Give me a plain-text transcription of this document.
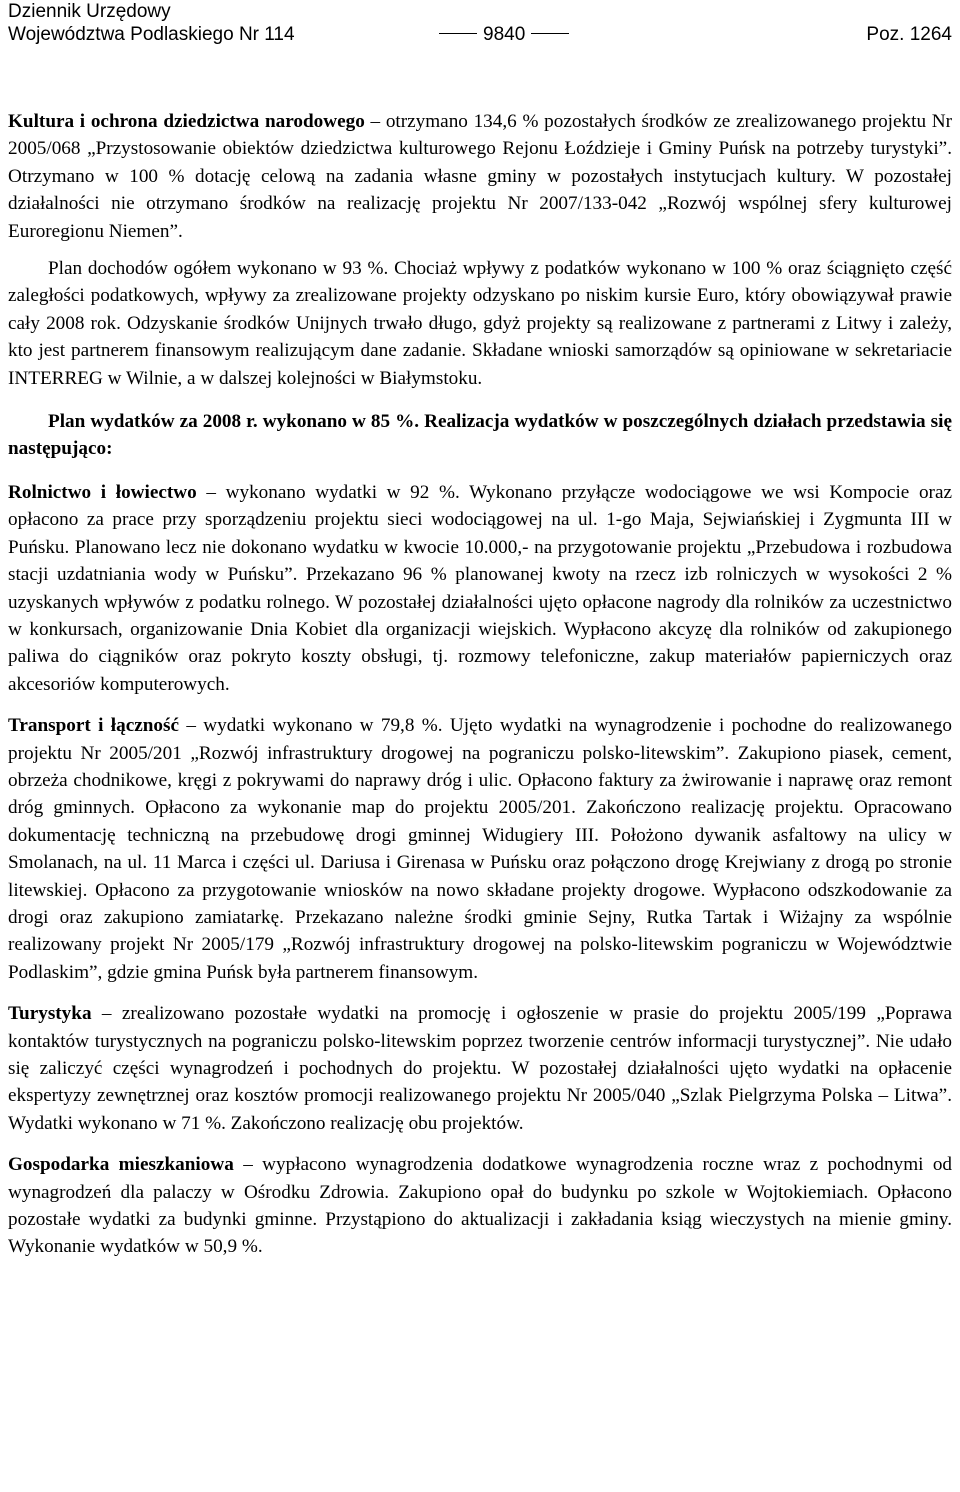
Dziennik Urzędowy
Województwa Podlaskiego Nr 114	9840	Poz. 1264

Kultura i ochrona dziedzictwa narodowego – otrzymano 134,6 % pozostałych środków ze zrealizowanego projektu Nr 2005/068 „Przystosowanie obiektów dziedzictwa kulturowego Rejonu Łoździeje i Gminy Puńsk na potrzeby turystyki”. Otrzymano w 100 % dotację celową na zadania własne gminy w pozostałych instytucjach kultury. W pozostałej działalności nie otrzymano środków na realizację projektu Nr 2007/133-042 „Rozwój wspólnej sfery kulturowej Euroregionu Niemen”.

Plan dochodów ogółem wykonano w 93 %. Chociaż wpływy z podatków wykonano w 100 % oraz ściągnięto część zaległości podatkowych, wpływy za zrealizowane projekty odzyskano po niskim kursie Euro, który obowiązywał prawie cały 2008 rok. Odzyskanie środków Unijnych trwało długo, gdyż projekty są realizowane z partnerami z Litwy i zależy, kto jest partnerem finansowym realizującym dane zadanie. Składane wnioski samorządów są opiniowane w sekretariacie INTERREG w Wilnie, a w dalszej kolejności w Białymstoku.

Plan wydatków za 2008 r. wykonano w 85 %. Realizacja wydatków w poszczególnych działach przedstawia się następująco:

Rolnictwo i łowiectwo – wykonano wydatki w 92 %. Wykonano przyłącze wodociągowe we wsi Kompocie oraz opłacono za prace przy sporządzeniu projektu sieci wodociągowej na ul. 1-go Maja, Sejwiańskiej i Zygmunta III w Puńsku. Planowano lecz nie dokonano wydatku w kwocie 10.000,- na przygotowanie projektu „Przebudowa i rozbudowa stacji uzdatniania wody w Puńsku”. Przekazano 96 % planowanej kwoty na rzecz izb rolniczych w wysokości 2 % uzyskanych wpływów z podatku rolnego. W pozostałej działalności ujęto opłacone nagrody dla rolników za uczestnictwo w konkursach, organizowanie Dnia Kobiet dla organizacji wiejskich. Wypłacono akcyzę dla rolników od zakupionego paliwa do ciągników oraz pokryto koszty obsługi, tj. rozmowy telefoniczne, zakup materiałów papierniczych oraz akcesoriów komputerowych.

Transport i łączność – wydatki wykonano w 79,8 %. Ujęto wydatki na wynagrodzenie i pochodne do realizowanego projektu Nr 2005/201 „Rozwój infrastruktury drogowej na pograniczu polsko-litewskim”. Zakupiono piasek, cement, obrzeża chodnikowe, kręgi z pokrywami do naprawy dróg i ulic. Opłacono faktury za żwirowanie i naprawę oraz remont dróg gminnych. Opłacono za wykonanie map do projektu 2005/201. Zakończono realizację projektu. Opracowano dokumentację techniczną na przebudowę drogi gminnej Widugiery III. Położono dywanik asfaltowy na ulicy w Smolanach, na ul. 11 Marca i części ul. Dariusa i Girenasa w Puńsku oraz połączono drogę Krejwiany z drogą po stronie litewskiej. Opłacono za przygotowanie wniosków na nowo składane projekty drogowe. Wypłacono odszkodowanie za drogi oraz zakupiono zamiatarkę. Przekazano należne środki gminie Sejny, Rutka Tartak i Wiżajny za wspólnie realizowany projekt Nr 2005/179 „Rozwój infrastruktury drogowej na polsko-litewskim pograniczu w Województwie Podlaskim”, gdzie gmina Puńsk była partnerem finansowym.

Turystyka – zrealizowano pozostałe wydatki na promocję i ogłoszenie w prasie do projektu 2005/199 „Poprawa kontaktów turystycznych na pograniczu polsko-litewskim poprzez tworzenie centrów informacji turystycznej”. Nie udało się zaliczyć części wynagrodzeń i pochodnych do projektu. W pozostałej działalności ujęto wydatki na opłacenie ekspertyzy zewnętrznej oraz kosztów promocji realizowanego projektu Nr 2005/040 „Szlak Pielgrzyma Polska – Litwa”. Wydatki wykonano w 71 %. Zakończono realizację obu projektów.

Gospodarka mieszkaniowa – wypłacono wynagrodzenia dodatkowe wynagrodzenia roczne wraz z pochodnymi od wynagrodzeń dla palaczy w Ośrodku Zdrowia. Zakupiono opał do budynku po szkole w Wojtokiemiach. Opłacono pozostałe wydatki za budynki gminne. Przystąpiono do aktualizacji i zakładania ksiąg wieczystych na mienie gminy. Wykonanie wydatków w 50,9 %.
